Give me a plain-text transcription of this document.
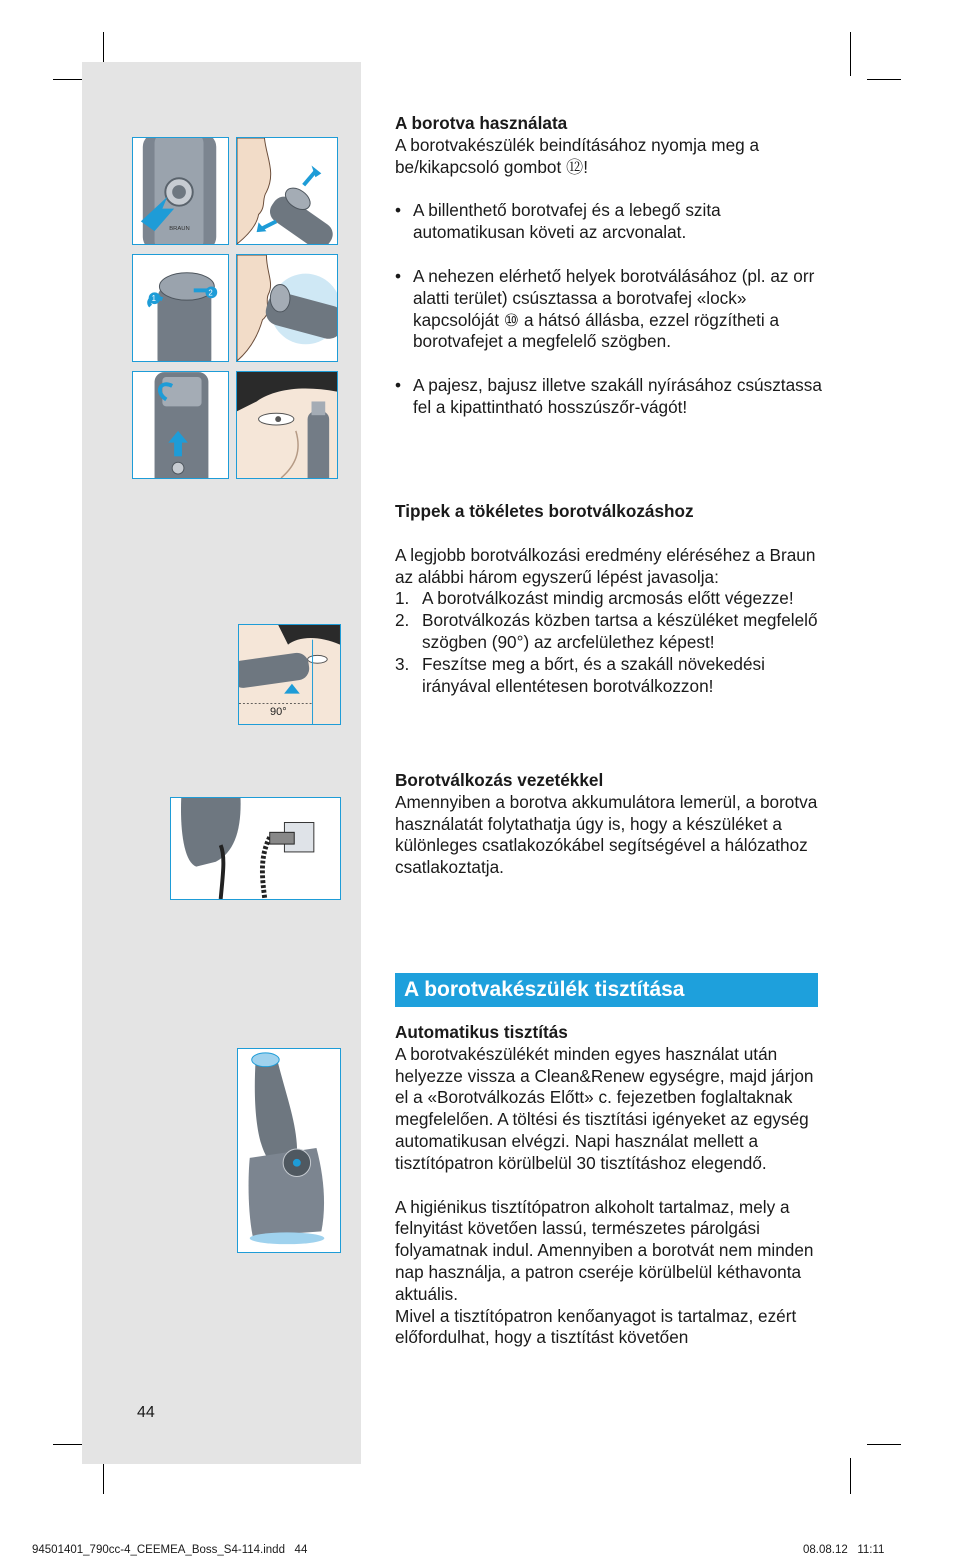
BRAUN
1
2
90°

A borotva használata

A borotvakészülék beindításához nyomja meg a be/kikapcsoló gombot ⑫!

• A billenthető borotvafej és a lebegő szita automatikusan követi az arcvonalat.

• A nehezen elérhető helyek borotválásához (pl. az orr alatti terület) csúsztassa a borotvafej «lock» kapcsolóját ⑩ a hátsó állásba, ezzel rögzítheti a borotvafejet a megfelelő szögben.

• A pajesz, bajusz illetve szakáll nyírásához csúsztassa fel a kipattintható hosszúszőr-vágót!

Tippek a tökéletes borotválkozáshoz

A legjobb borotválkozási eredmény eléréséhez a Braun az alábbi három egyszerű lépést javasolja:

1. A borotválkozást mindig arcmosás előtt végezze!

2. Borotválkozás közben tartsa a készüléket megfelelő szögben (90°) az arcfelülethez képest!

3. Feszítse meg a bőrt, és a szakáll növekedési irányával ellentétesen borotválkozzon!

Borotválkozás vezetékkel

Amennyiben a borotva akkumulátora lemerül, a borotva használatát folytathatja úgy is, hogy a készüléket a különleges csatlakozókábel segítségével a hálózathoz csatlakoztatja.

A borotvakészülék tisztítása

Automatikus tisztítás

A borotvakészülékét minden egyes használat után helyezze vissza a Clean&Renew egységre, majd járjon el a «Borotválkozás Előtt» c. fejezetben foglaltaknak megfelelően. A töltési és tisztítási igényeket az egység automatikusan elvégzi. Napi használat mellett a tisztítópatron körülbelül 30 tisztításhoz elegendő.

A higiénikus tisztítópatron alkoholt tartalmaz, mely a felnyitást követően lassú, természetes párolgási folyamatnak indul. Amennyiben a borotvát nem minden nap használja, a patron cseréje körülbelül kéthavonta aktuális.

Mivel a tisztítópatron kenőanyagot is tartalmaz, ezért előfordulhat, hogy a tisztítást követően

44
94501401_790cc-4_CEEMEA_Boss_S4-114.indd   44	08.08.12   11:11
